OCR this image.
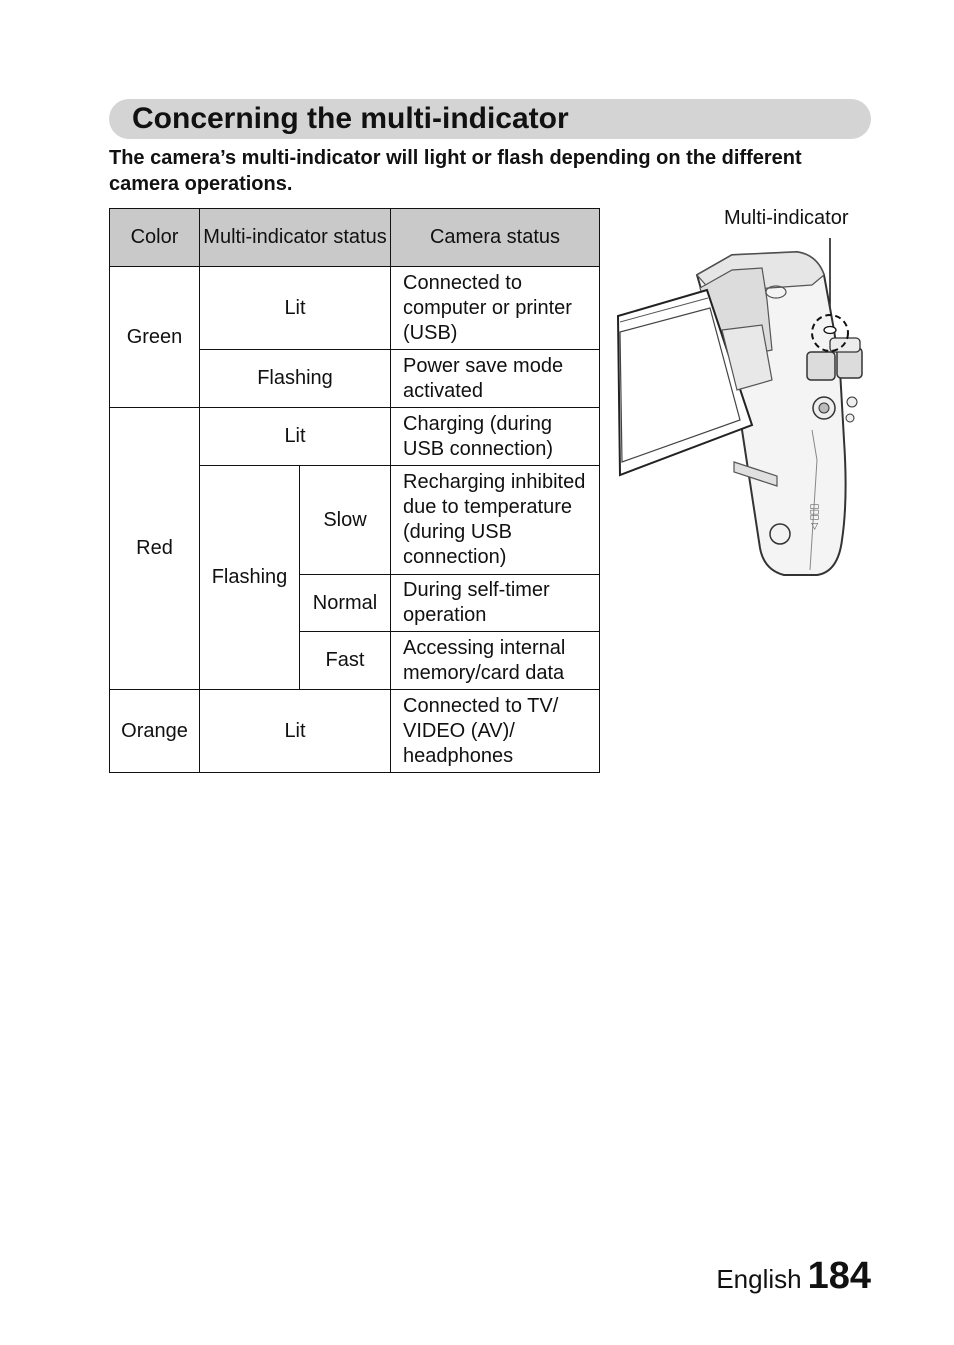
Concerning the multi-indicator
The camera’s multi-indicator will light or flash depending on the different camera operations.
Color	Multi-indicator status		Camera status
Green	Lit		Connected to computer or printer (USB)
	Flashing		Power save mode activated
Red	Lit		Charging (during USB connection)
	Flashing	Slow	Recharging inhibited due to temperature (during USB connection)
		Normal	During self-timer operation
		Fast	Accessing internal memory/card data
Orange	Lit		Connected to TV/ VIDEO (AV)/ headphones
Multi-indicator
◁ ﾞﾞﾞ
English 184
